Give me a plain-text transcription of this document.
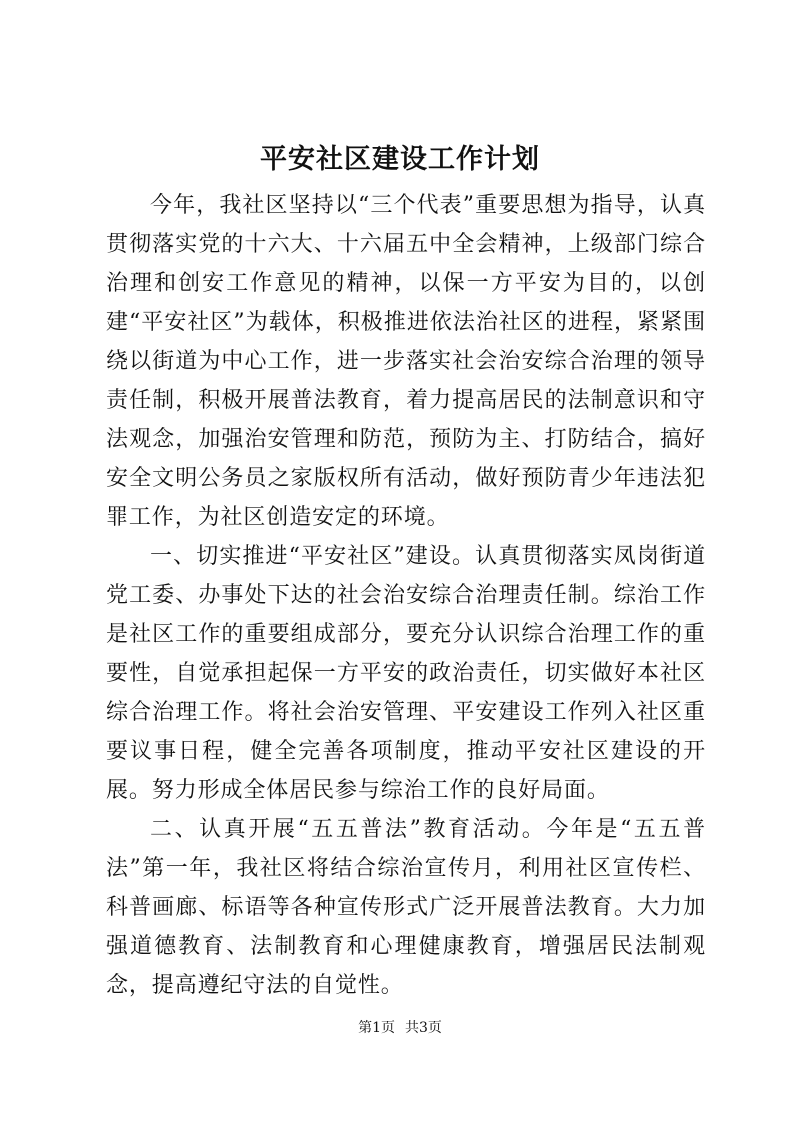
平安社区建设工作计划

今年，我社区坚持以“三个代表”重要思想为指导，认真贯彻落实党的十六大、十六届五中全会精神，上级部门综合治理和创安工作意见的精神，以保一方平安为目的，以创建“平安社区”为载体，积极推进依法治社区的进程，紧紧围绕以街道为中心工作，进一步落实社会治安综合治理的领导责任制，积极开展普法教育，着力提高居民的法制意识和守法观念，加强治安管理和防范，预防为主、打防结合，搞好安全文明公务员之家版权所有活动，做好预防青少年违法犯罪工作，为社区创造安定的环境。

一、切实推进“平安社区”建设。认真贯彻落实凤岗街道党工委、办事处下达的社会治安综合治理责任制。综治工作是社区工作的重要组成部分，要充分认识综合治理工作的重要性，自觉承担起保一方平安的政治责任，切实做好本社区综合治理工作。将社会治安管理、平安建设工作列入社区重要议事日程，健全完善各项制度，推动平安社区建设的开展。努力形成全体居民参与综治工作的良好局面。

二、认真开展“五五普法”教育活动。今年是“五五普法”第一年，我社区将结合综治宣传月，利用社区宣传栏、科普画廊、标语等各种宣传形式广泛开展普法教育。大力加强道德教育、法制教育和心理健康教育，增强居民法制观念，提高遵纪守法的自觉性。

第1页 共3页
